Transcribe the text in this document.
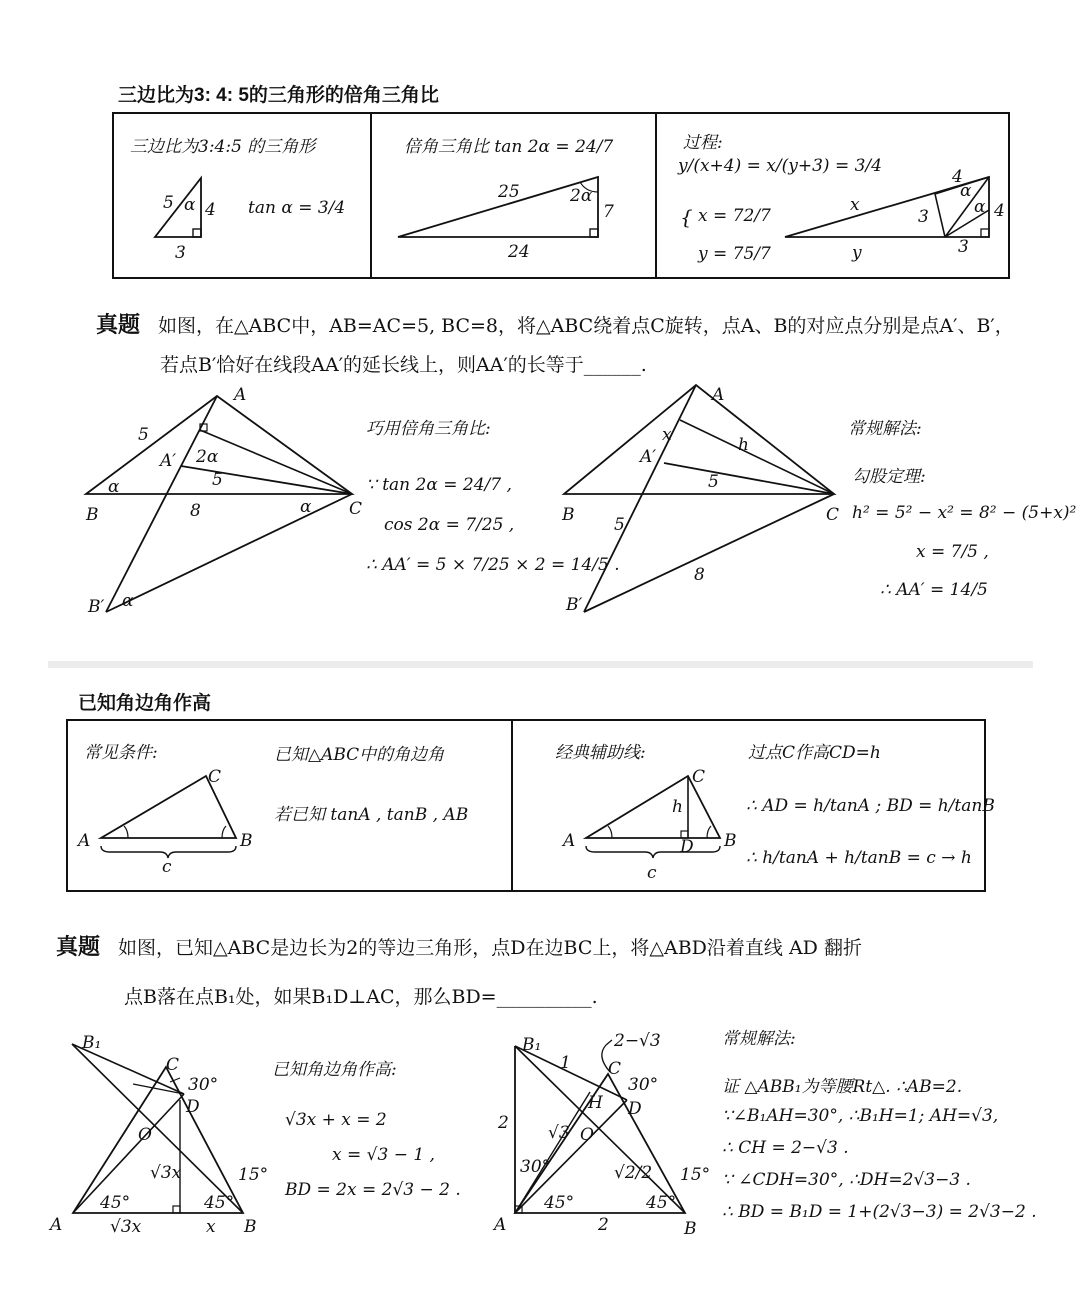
三边比为3: 4: 5的三角形的倍角三角比
三边比为3:4:5 的三角形
5 4
3
α	tan α = 3/4
倍角三角比 tan 2α = 24/7
25
7
24
2α
过程:
y/(x+4) = x/(y+3) = 3/4
{ x = 72/7
y = 75/7
x
4
α
α
3	4
y	3
真题 如图，在△ABC中，AB=AC=5, BC=8，将△ABC绕着点C旋转，点A、B的对应点分别是点A′、B′，
若点B′恰好在线段AA′的延长线上，则AA′的长等于______.
A
A′
B	C
B′
5
8
5
2α
α
α
α
巧用倍角三角比:
∵ tan 2α = 24/7 ,
cos 2α = 7/25 ,
∴ AA′ = 5 × 7/25 × 2 = 14/5 .
A
A′
B	C
B′
x	h
5
5
8
常规解法:
勾股定理:
h² = 5² − x² = 8² − (5+x)²
x = 7/5 ,
∴ AA′ = 14/5
已知角边角作高
常见条件:	已知△ABC中的角边角
若已知 tanA , tanB , AB
A	B
C
c
经典辅助线:	过点C作高CD=h
∴ AD = h/tanA ; BD = h/tanB
∴ h/tanA + h/tanB = c → h
A	B
C
D
h
c
真题 如图，已知△ABC是边长为2的等边三角形，点D在边BC上，将△ABD沿着直线 AD 翻折
点B落在点B₁处，如果B₁D⊥AC，那么BD=__________.
B₁
C
D
O
A	B
45°	45°
30°
15°
√3x
√3x	x
已知角边角作高:
√3x + x = 2
x = √3 − 1 ,
BD = 2x = 2√3 − 2 .
B₁
C
H D
O
A	B
2
1
√3
2
√2/2
30°
45°	45°
30°
15°
2−√3	常规解法:
证 △ABB₁为等腰Rt△. ∴AB=2.
∵∠B₁AH=30°, ∴B₁H=1; AH=√3,
∴ CH = 2−√3 .
∵ ∠CDH=30°, ∴DH=2√3−3 .
∴ BD = B₁D = 1+(2√3−3) = 2√3−2 .
